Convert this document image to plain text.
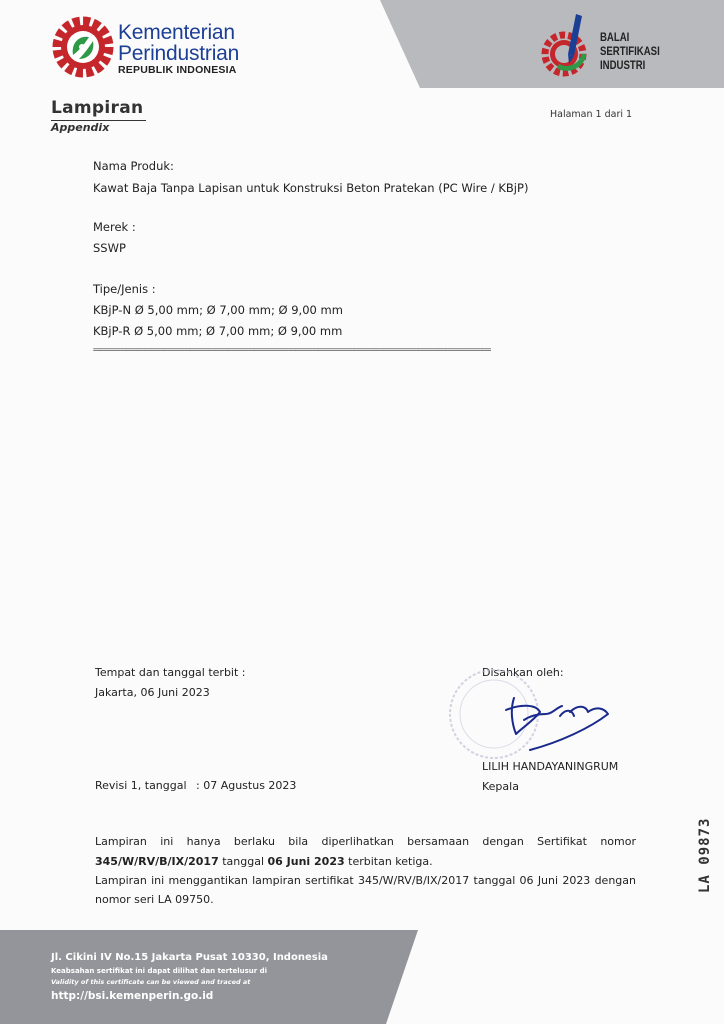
Kementerian
Perindustrian
REPUBLIK INDONESIA
BALAI
SERTIFIKASI
INDUSTRI
Lampiran
Appendix
Halaman 1 dari 1
Nama Produk:
Kawat Baja Tanpa Lapisan untuk Konstruksi Beton Pratekan (PC Wire / KBjP)
Merek :
SSWP
Tipe/Jenis :
KBjP-N Ø 5,00 mm; Ø 7,00 mm; Ø 9,00 mm
KBjP-R Ø 5,00 mm; Ø 7,00 mm; Ø 9,00 mm
======================================================================================================================
Tempat dan tanggal terbit :
Jakarta, 06 Juni 2023
Revisi 1, tanggal : 07 Agustus 2023
Disahkan oleh:
LILIH HANDAYANINGRUM
Kepala
LA 09873
Lampiran ini hanya berlaku bila diperlihatkan bersamaan dengan Sertifikat nomor
345/W/RV/B/IX/2017 tanggal 06 Juni 2023 terbitan ketiga.
Lampiran ini menggantikan lampiran sertifikat 345/W/RV/B/IX/2017 tanggal 06 Juni 2023 dengan
nomor seri LA 09750.
Jl. Cikini IV No.15 Jakarta Pusat 10330, Indonesia
Keabsahan sertifikat ini dapat dilihat dan tertelusur di
Validity of this certificate can be viewed and traced at
http://bsi.kemenperin.go.id
